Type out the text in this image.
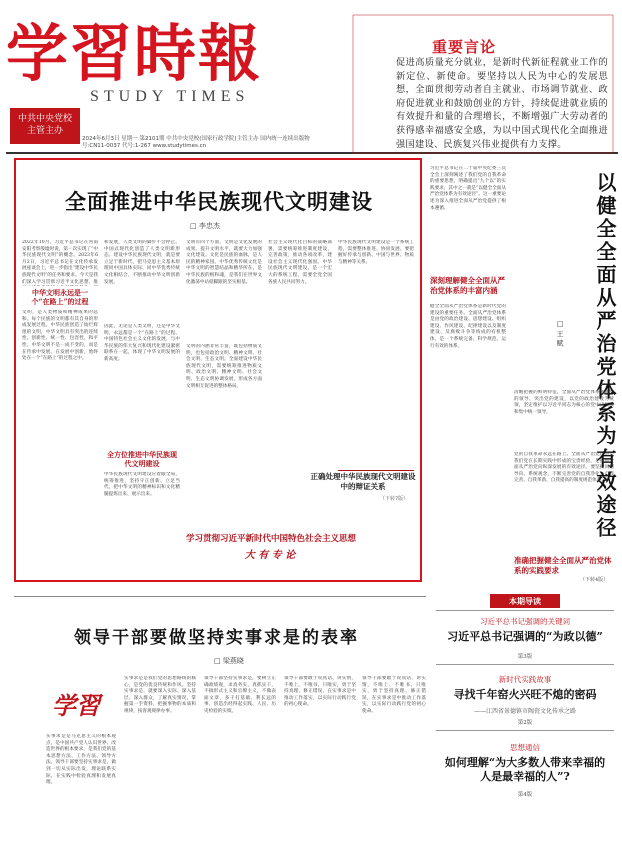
学習時報
STUDY TIMES
中共中央党校
主管主办
2024年6月3日 星期一 第2101期 中共中央党校(国家行政学院)主管主办 国内统一连续出版物号:CN11-0037 代号:1-267 www.studytimes.cn
重要言论
促进高质量充分就业，是新时代新征程就业工作的新定位、新使命。要坚持以人民为中心的发展思想，全面贯彻劳动者自主就业、市场调节就业、政府促进就业和鼓励创业的方针，持续促进就业质的有效提升和量的合理增长，不断增强广大劳动者的获得感幸福感安全感，为以中国式现代化全面推进强国建设、民族复兴伟业提供有力支撑。
全面推进中华民族现代文明建设
□ 李忠杰
2022年10月，习近平总书记在河南安阳考察殷墟时说，第一次实现了“中华民族现代文明”的概念。2023年6月2日，习近平总书记在文化传承发展座谈会上，进一步指出“建设中华民族现代文明”的任务和要求。今天是我们深入学习贯彻习近平文化思想、推
中华文明永远是一个“在路上”的过程
文明，是人类物质和精神成果的总和。每个民族的文明都有其自身的形成发展过程。中华民族创造了灿烂辉煌的文明，中华文明具有突出的连续性、创新性、统一性、包容性、和平性。中华文明不是一成不变的，而是在传承中发展、在发展中创新，始终处在一个“在路上”的过程之中。
和发展，人类文明的脚步不会停止。中国式现代化创造了人类文明新形态。建设中华民族现代文明，就是要立足于新时代，把马克思主义基本原理同中国具体实际、同中华优秀传统文化相结合，不断推动中华文明创新发展。
因此，无论是人类文明，还是中华文明，永远都是一个“在路上”的过程。中国特色社会主义文化的发展，与中华民族的伟大复兴和现代化建设紧密联系在一起，体现了中华文明发展的新高度。
全方位推进中华民族现代文明建设
中华民族现代文明建设应着眼全局，统筹推进，坚持守正创新、立足当代，把中华文明的精神标识和文化精髓提炼出来、展示出来。
文明有四个方面，文明是文化发展的成果。提升文明水平，就要大力加强文化建设。文化是民族的血脉，是人民的精神家园。中华优秀传统文化是中华文明的智慧结晶和精华所在，是中华民族的根和魂，是我们在世界文化激荡中站稳脚跟的坚实根基。
文明的内涵非常丰富，既包括物质文明，也包括政治文明、精神文明、社会文明、生态文明。全面建设中华民族现代文明，需要统筹推进物质文明、政治文明、精神文明、社会文明、生态文明协调发展，形成各方面文明相互促进的整体格局。
社会主义现代化目标的战略部署，需要统筹推进制度建设，完善政策，推动各项改革，建设社会主义现代化强国。中华民族现代文明建设，是一个宏大的系统工程，需要全党全国各族人民共同努力。
中华民族现代文明建设是一个系统工程，需要整体推进、协同发展。要把握好传承与创新、中国与世界、物质与精神等关系。
正确处理中华民族现代文明建设中的辩证关系
（下转7版）
学习贯彻习近平新时代中国特色社会主义思想
大 有 专 论
以健全全面从严治党体系为有效途径
□ 王 赋
习近平总书记在二十届中央纪委三次全会上深刻阐述了我们党的自我革命的重要思想，明确提出“九个以”的实践要求，其中之一就是“以健全全面从严治党体系为有效途径”。这一重要论述为深入推进全面从严治党提供了根本遵循。
深刻理解健全全面从严治党体系的丰富内涵
健全全面从严治党体系是新时代党的建设的重要任务。全面从严治党体系是由党的政治建设、思想建设、组织建设、作风建设、纪律建设以及制度建设、反腐败斗争等构成的有机整体，是一个系统完备、科学规范、运行有效的体系。
清醒把握的鲜明特征，全面从严治党体系强调党的领导、突出党的建设，以党的政治建设为统领，坚定维护以习近平同志为核心的党中央权威和集中统一领导。
党的自我革命永远在路上。全面从严治党体系是我们党在长期实践中形成的宝贵经验，是推进全面从严治党向纵深发展的有效途径。要坚持问题导向、系统观念，不断完善党的自我净化、自我完善、自我革新、自我提高的制度规范体系。
准确把握健全全面从严治党体系的实践要求
（下转4版）
领导干部要做坚持实事求是的表率
□ 梁燕晓
学習
实事求是是马克思主义的根本观点，是中国共产党人认识世界、改造世界的根本要求，是我们党的基本思想方法、工作方法、领导方法。领导干部要坚持实事求是，做到一切从实际出发，理论联系实际，在实践中检验真理和发展真理。
实事求是是我们党的思想路线的核心，是党的优良传统和作风。坚持实事求是，就要深入实际、深入基层、深入群众，了解真实情况，掌握第一手资料，把握事物的本质和规律，按客观规律办事。
领导干部坚持实事求是，要树立正确政绩观，求真务实、真抓实干，不搞形式主义和官僚主义，不做表面文章，多干打基础、利长远的事，创造出经得起实践、人民、历史检验的实绩。
领导干部要敢于说真话、讲实情，不唯上、不唯书、只唯实，勇于坚持真理、修正错误，在实事求是中推动工作落实，以实际行动践行党的初心使命。
领导干部要敢于说真话、讲实情，不唯上、不唯书、只唯实，勇于坚持真理、修正错误，在实事求是中推动工作落实，以实际行动践行党的初心使命。
本期导读
习近平总书记强调的关键词
习近平总书记强调的“为政以德”
第3版
新时代实践故事
寻找千年窑火兴旺不熄的密码
——江西省景德镇市陶瓷文化传承之路
第2版
思想通信
如何理解“为大多数人带来幸福的人是最幸福的人”?
第4版
